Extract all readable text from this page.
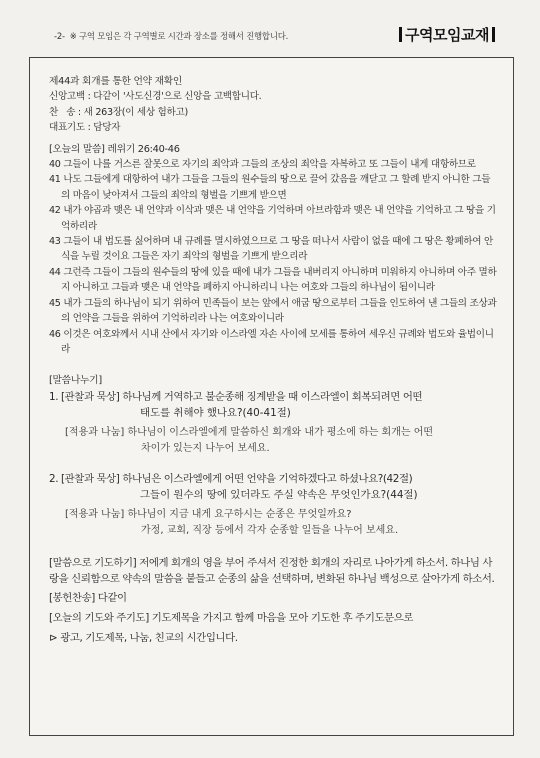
-2- ※ 구역 모임은 각 구역별로 시간과 장소를 정해서 진행합니다.	구역모임교재
제44과 회개를 통한 언약 재확인
신앙고백 : 다같이 '사도신경'으로 신앙을 고백합니다.
찬   송 : 새 263장(이 세상 험하고)
대표기도 : 담당자
[오늘의 말씀] 레위기 26:40-46
40 그들이 나를 거스른 잘못으로 자기의 죄악과 그들의 조상의 죄악을 자복하고 또 그들이 내게 대항하므로
41 나도 그들에게 대항하여 내가 그들을 그들의 원수들의 땅으로 끌어 갔음을 깨닫고 그 할례 받지 아니한 그들의 마음이 낮아져서 그들의 죄악의 형벌을 기쁘게 받으면
42 내가 야곱과 맺은 내 언약과 이삭과 맺은 내 언약을 기억하며 아브라함과 맺은 내 언약을 기억하고 그 땅을 기억하리라
43 그들이 내 법도를 싫어하며 내 규례를 멸시하였으므로 그 땅을 떠나서 사람이 없을 때에 그 땅은 황폐하여 안식을 누릴 것이요 그들은 자기 죄악의 형벌을 기쁘게 받으리라
44 그런즉 그들이 그들의 원수들의 땅에 있을 때에 내가 그들을 내버리지 아니하며 미워하지 아니하며 아주 멸하지 아니하고 그들과 맺은 내 언약을 폐하지 아니하리니 나는 여호와 그들의 하나님이 됨이니라
45 내가 그들의 하나님이 되기 위하여 민족들이 보는 앞에서 애굽 땅으로부터 그들을 인도하여 낸 그들의 조상과의 언약을 그들을 위하여 기억하리라 나는 여호와이니라
46 이것은 여호와께서 시내 산에서 자기와 이스라엘 자손 사이에 모세를 통하여 세우신 규례와 법도와 율법이니라
[말씀나누기]
1. [관찰과 묵상] 하나님께 거역하고 불순종해 징계받을 때 이스라엘이 회복되려면 어떤
태도를 취해야 했나요?(40-41절)
[적용과 나눔] 하나님이 이스라엘에게 말씀하신 회개와 내가 평소에 하는 회개는 어떤
차이가 있는지 나누어 보세요.
2. [관찰과 묵상] 하나님은 이스라엘에게 어떤 언약을 기억하겠다고 하셨나요?(42절)
그들이 원수의 땅에 있더라도 주실 약속은 무엇인가요?(44절)
[적용과 나눔] 하나님이 지금 내게 요구하시는 순종은 무엇일까요?
가정, 교회, 직장 등에서 각자 순종할 일들을 나누어 보세요.
[말씀으로 기도하기] 저에게 회개의 영을 부어 주셔서 진정한 회개의 자리로 나아가게 하소서. 하나님 사랑을 신뢰함으로 약속의 말씀을 붙들고 순종의 삶을 선택하며, 변화된 하나님 백성으로 살아가게 하소서.
[봉헌찬송] 다같이
[오늘의 기도와 주기도] 기도제목을 가지고 함께 마음을 모아 기도한 후 주기도문으로
⊳ 광고, 기도제목, 나눔, 친교의 시간입니다.
